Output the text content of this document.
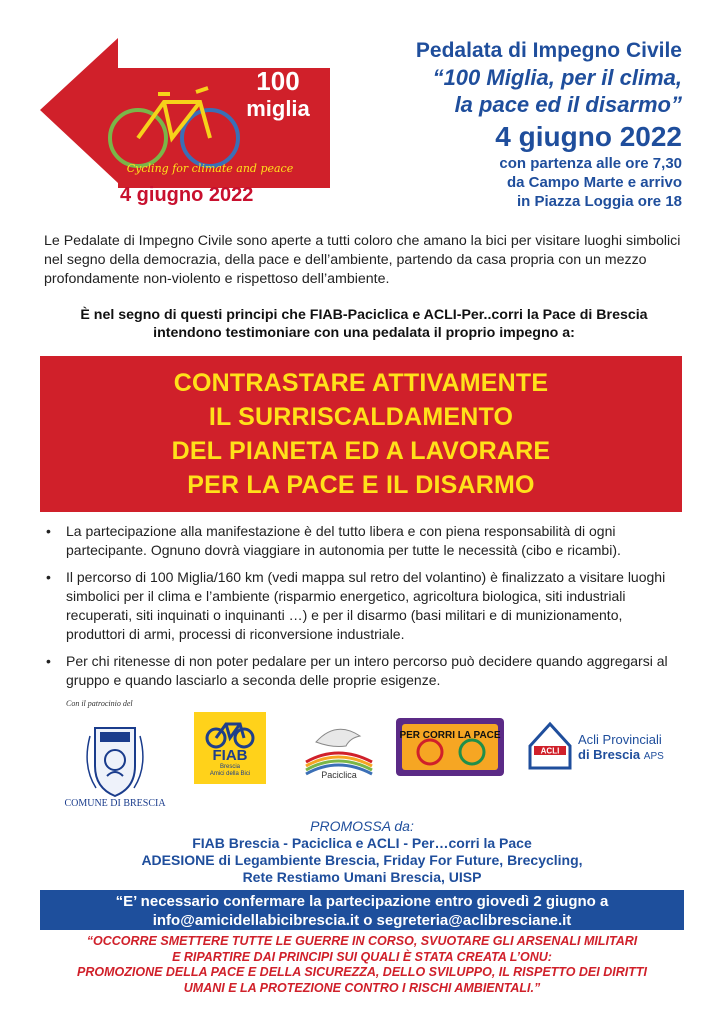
100
miglia
Cycling for climate and peace
4 giugno 2022
Pedalata di Impegno Civile
“100 Miglia, per il clima,
la pace ed il disarmo”
4 giugno 2022
con partenza alle ore 7,30
da Campo Marte e arrivo
in Piazza Loggia ore 18
Le Pedalate di Impegno Civile sono aperte a tutti coloro che amano la bici per visitare luoghi simbolici nel segno della democrazia, della pace e dell’ambiente, partendo da casa propria con un mezzo profondamente non-violento e rispettoso dell’ambiente.
È nel segno di questi principi che FIAB-Paciclica e ACLI-Per..corri la Pace di Brescia
intendono testimoniare con una pedalata il proprio impegno a:
CONTRASTARE ATTIVAMENTE
IL SURRISCALDAMENTO
DEL PIANETA ED A LAVORARE
PER LA PACE E IL DISARMO
• La partecipazione alla manifestazione è del tutto libera e con piena responsabilità di ogni partecipante. Ognuno dovrà viaggiare in autonomia per tutte le necessità (cibo e ricambi).
• Il percorso di 100 Miglia/160 km (vedi mappa sul retro del volantino) è finalizzato a visitare luoghi simbolici per il clima e l’ambiente (risparmio energetico, agricoltura biologica, siti industriali recuperati, siti inquinati o inquinanti …) e per il disarmo (basi militari e di munizionamento, produttori di armi, processi di riconversione industriale.
• Per chi ritenesse di non poter pedalare per un intero percorso può decidere quando aggregarsi al gruppo e quando lasciarlo a seconda delle proprie esigenze.
Con il patrocinio del
COMUNE DI BRESCIA
FIAB
Brescia
Amici della Bici	Paciclica
PER CORRI LA PACE
ACLI
Acli Provinciali
di Brescia APS
PROMOSSA da:
FIAB Brescia - Paciclica e ACLI - Per…corri la Pace
ADESIONE di Legambiente Brescia, Friday For Future, Brecycling,
Rete Restiamo Umani Brescia, UISP
“E’ necessario confermare la partecipazione entro giovedì 2 giugno a
info@amicidellabicibrescia.it o segreteria@aclibresciane.it
“OCCORRE SMETTERE TUTTE LE GUERRE IN CORSO, SVUOTARE GLI ARSENALI MILITARI
E RIPARTIRE DAI PRINCIPI SUI QUALI È STATA CREATA L’ONU:
PROMOZIONE DELLA PACE E DELLA SICUREZZA, DELLO SVILUPPO, IL RISPETTO DEI DIRITTI
UMANI E LA PROTEZIONE CONTRO I RISCHI AMBIENTALI.”
